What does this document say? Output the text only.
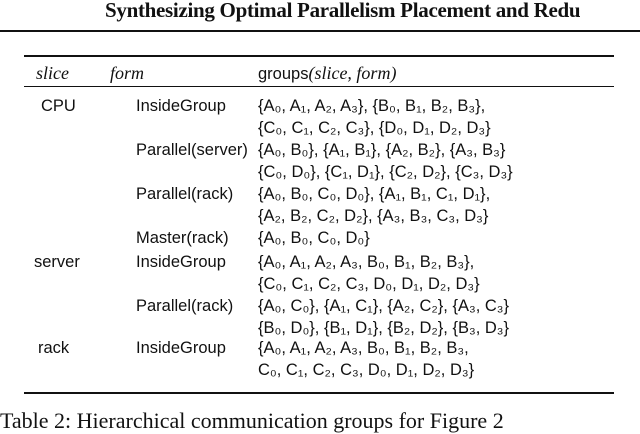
Synthesizing Optimal Parallelism Placement and Redu
slice form	groups(slice, form)
CPU	InsideGroup {A₀, A₁, A₂, A₃}, {B₀, B₁, B₂, B₃},
{C₀, C₁, C₂, C₃}, {D₀, D₁, D₂, D₃}
Parallel(server) {A₀, B₀}, {A₁, B₁}, {A₂, B₂}, {A₃, B₃}
{C₀, D₀}, {C₁, D₁}, {C₂, D₂}, {C₃, D₃}
Parallel(rack) {A₀, B₀, C₀, D₀}, {A₁, B₁, C₁, D₁},
{A₂, B₂, C₂, D₂}, {A₃, B₃, C₃, D₃}
Master(rack) {A₀, B₀, C₀, D₀}
server	InsideGroup {A₀, A₁, A₂, A₃, B₀, B₁, B₂, B₃},
{C₀, C₁, C₂, C₃, D₀, D₁, D₂, D₃}
Parallel(rack) {A₀, C₀}, {A₁, C₁}, {A₂, C₂}, {A₃, C₃}
{B₀, D₀}, {B₁, D₁}, {B₂, D₂}, {B₃, D₃}
rack	InsideGroup {A₀, A₁, A₂, A₃, B₀, B₁, B₂, B₃,
C₀, C₁, C₂, C₃, D₀, D₁, D₂, D₃}
Table 2: Hierarchical communication groups for Figure 2
